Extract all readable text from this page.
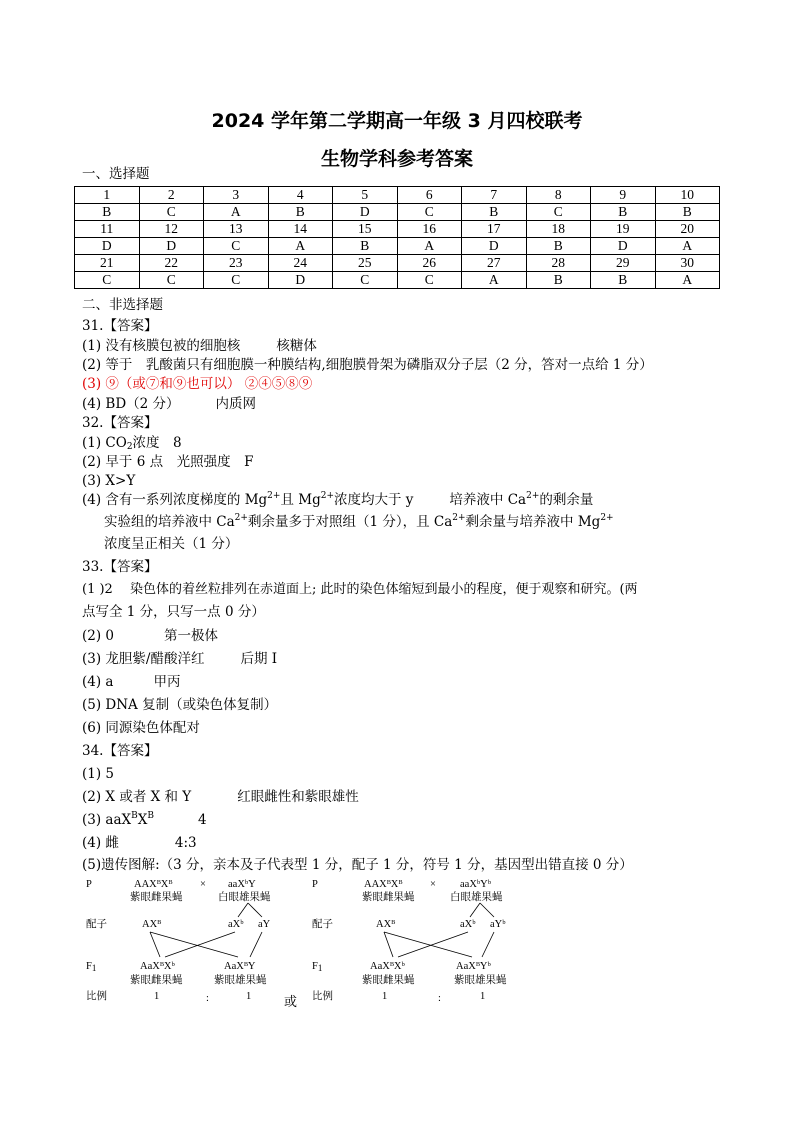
2024 学年第二学期高一年级 3 月四校联考
生物学科参考答案
一、选择题
1	2	3	4	5	6	7	8	9	10
B	C	A	B	D	C	B	C	B	B
11	12	13	14	15	16	17	18	19	20
D	D	C	A	B	A	D	B	D	A
21	22	23	24	25	26	27	28	29	30
C	C	C	D	C	C	A	B	B	A
二、非选择题
31.【答案】
(1) 没有核膜包被的细胞核	核糖体
(2) 等于　乳酸菌只有细胞膜一种膜结构,细胞膜骨架为磷脂双分子层（2 分，答对一点给 1 分）
(3) ⑨（或⑦和⑨也可以） ②④⑤⑧⑨
(4) BD（2 分）	内质网
32.【答案】
(1) $CO_2$浓度　8
(2) 早于 6 点　光照强度　F
(3) X>Y
(4) 含有一系列浓度梯度的 $Mg^{2+}$且 $Mg^{2+}$浓度均大于 y	培养液中 $Ca^{2+}$的剩余量
实验组的培养液中 $Ca^{2+}$剩余量多于对照组（1 分），且 $Ca^{2+}$剩余量与培养液中 $Mg^{2+}$
浓度呈正相关（1 分）
33.【答案】
(1 )2　 染色体的着丝粒排列在赤道面上; 此时的染色体缩短到最小的程度，便于观察和研究。(两
点写全 1 分，只写一点 0 分）
(2) 0	第一极体
(3) 龙胆紫/醋酸洋红	后期 I
(4) a	甲丙
(5) DNA 复制（或染色体复制）
(6) 同源染色体配对
34.【答案】
(1) 5
(2) X 或者 X 和 Y	红眼雌性和紫眼雄性
(3) $aaX^BX^B$	4
(4) 雌	4:3
(5)遗传图解:（3 分，亲本及子代表型 1 分，配子 1 分，符号 1 分，基因型出错直接 0 分）
P	AAXᴮXᴮ	× aaXᵇY
紫眼雌果蝇	白眼雄果蝇
配子	AXᴮ	aXᵇ aY
$F_1$	AaXᴮXᵇ	AaXᴮY
紫眼雌果蝇	紫眼雄果蝇
比例	1	:	1
P	AAXᴮXᴮ	× aaXᵇYᵇ
紫眼雌果蝇	白眼雄果蝇
配子	AXᴮ	aXᵇ aYᵇ
$F_1$	AaXᴮXᵇ	AaXᴮYᵇ
紫眼雌果蝇	紫眼雄果蝇
比例	1	:	1
或
